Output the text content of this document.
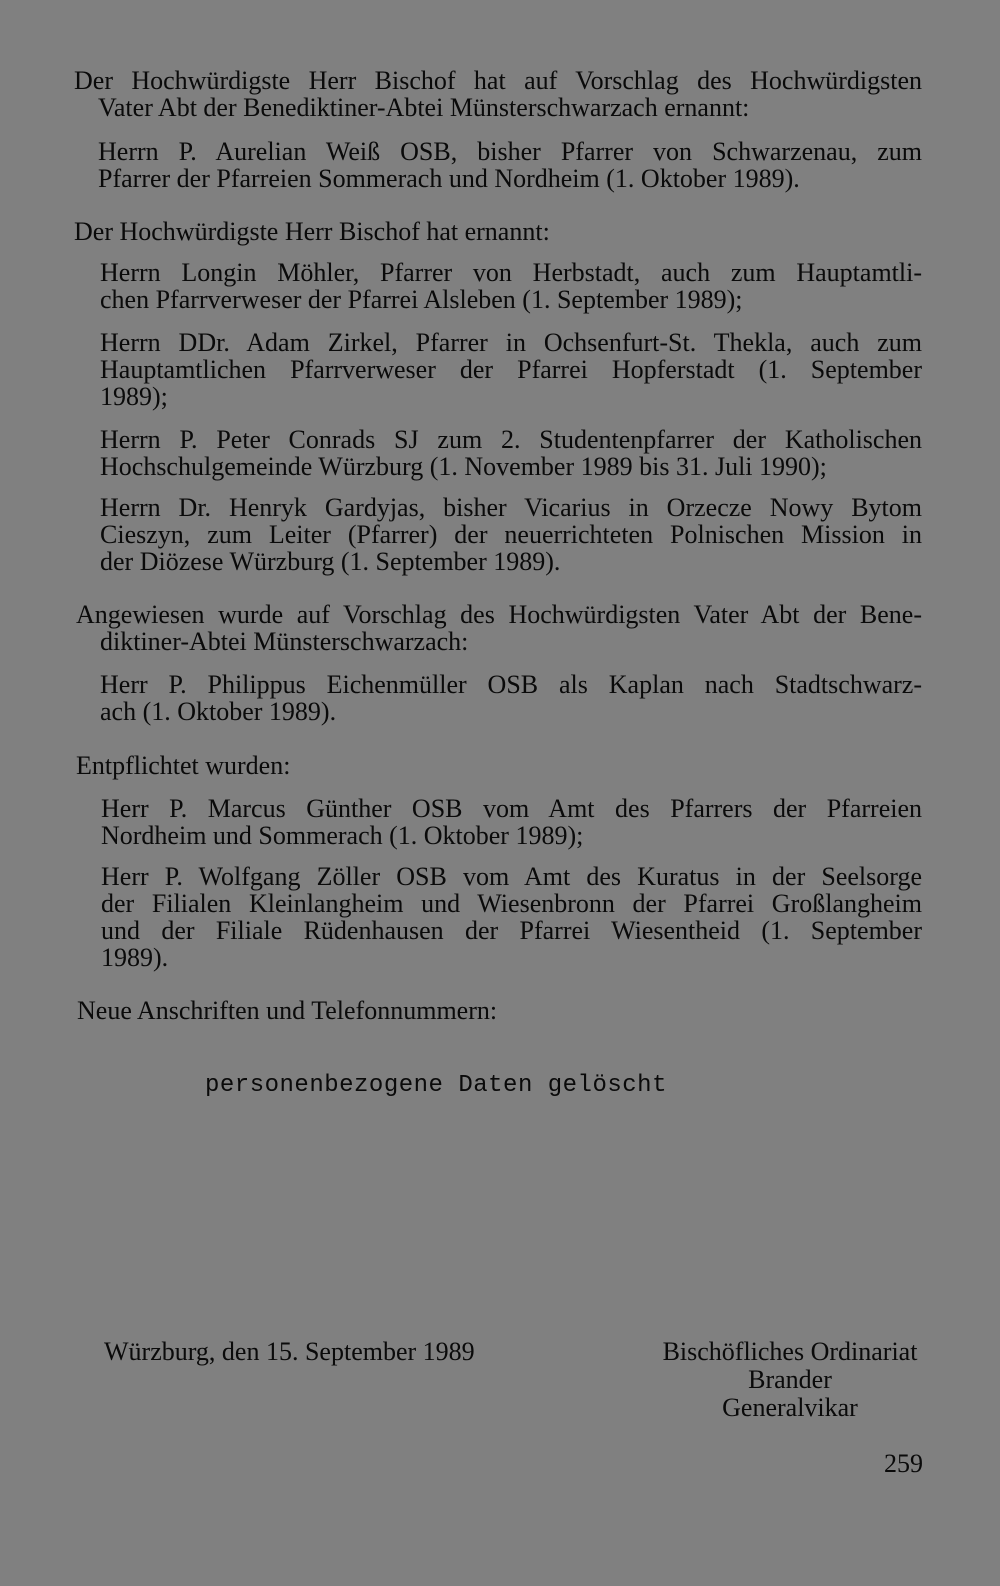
Der Hochwürdigste Herr Bischof hat auf Vorschlag des Hochwürdigsten
Vater Abt der Benediktiner-Abtei Münsterschwarzach ernannt:
Herrn P. Aurelian Weiß OSB, bisher Pfarrer von Schwarzenau, zum
Pfarrer der Pfarreien Sommerach und Nordheim (1. Oktober 1989).
Der Hochwürdigste Herr Bischof hat ernannt:
Herrn Longin Möhler, Pfarrer von Herbstadt, auch zum Hauptamtli-
chen Pfarrverweser der Pfarrei Alsleben (1. September 1989);
Herrn DDr. Adam Zirkel, Pfarrer in Ochsenfurt-St. Thekla, auch zum
Hauptamtlichen Pfarrverweser der Pfarrei Hopferstadt (1. September
1989);
Herrn P. Peter Conrads SJ zum 2. Studentenpfarrer der Katholischen
Hochschulgemeinde Würzburg (1. November 1989 bis 31. Juli 1990);
Herrn Dr. Henryk Gardyjas, bisher Vicarius in Orzecze Nowy Bytom
Cieszyn, zum Leiter (Pfarrer) der neuerrichteten Polnischen Mission in
der Diözese Würzburg (1. September 1989).
Angewiesen wurde auf Vorschlag des Hochwürdigsten Vater Abt der Bene-
diktiner-Abtei Münsterschwarzach:
Herr P. Philippus Eichenmüller OSB als Kaplan nach Stadtschwarz-
ach (1. Oktober 1989).
Entpflichtet wurden:
Herr P. Marcus Günther OSB vom Amt des Pfarrers der Pfarreien
Nordheim und Sommerach (1. Oktober 1989);
Herr P. Wolfgang Zöller OSB vom Amt des Kuratus in der Seelsorge
der Filialen Kleinlangheim und Wiesenbronn der Pfarrei Großlangheim
und der Filiale Rüdenhausen der Pfarrei Wiesentheid (1. September
1989).
Neue Anschriften und Telefonnummern:
personenbezogene Daten gelöscht
Würzburg, den 15. September 1989	Bischöfliches Ordinariat
Brander
Generalvikar
259
